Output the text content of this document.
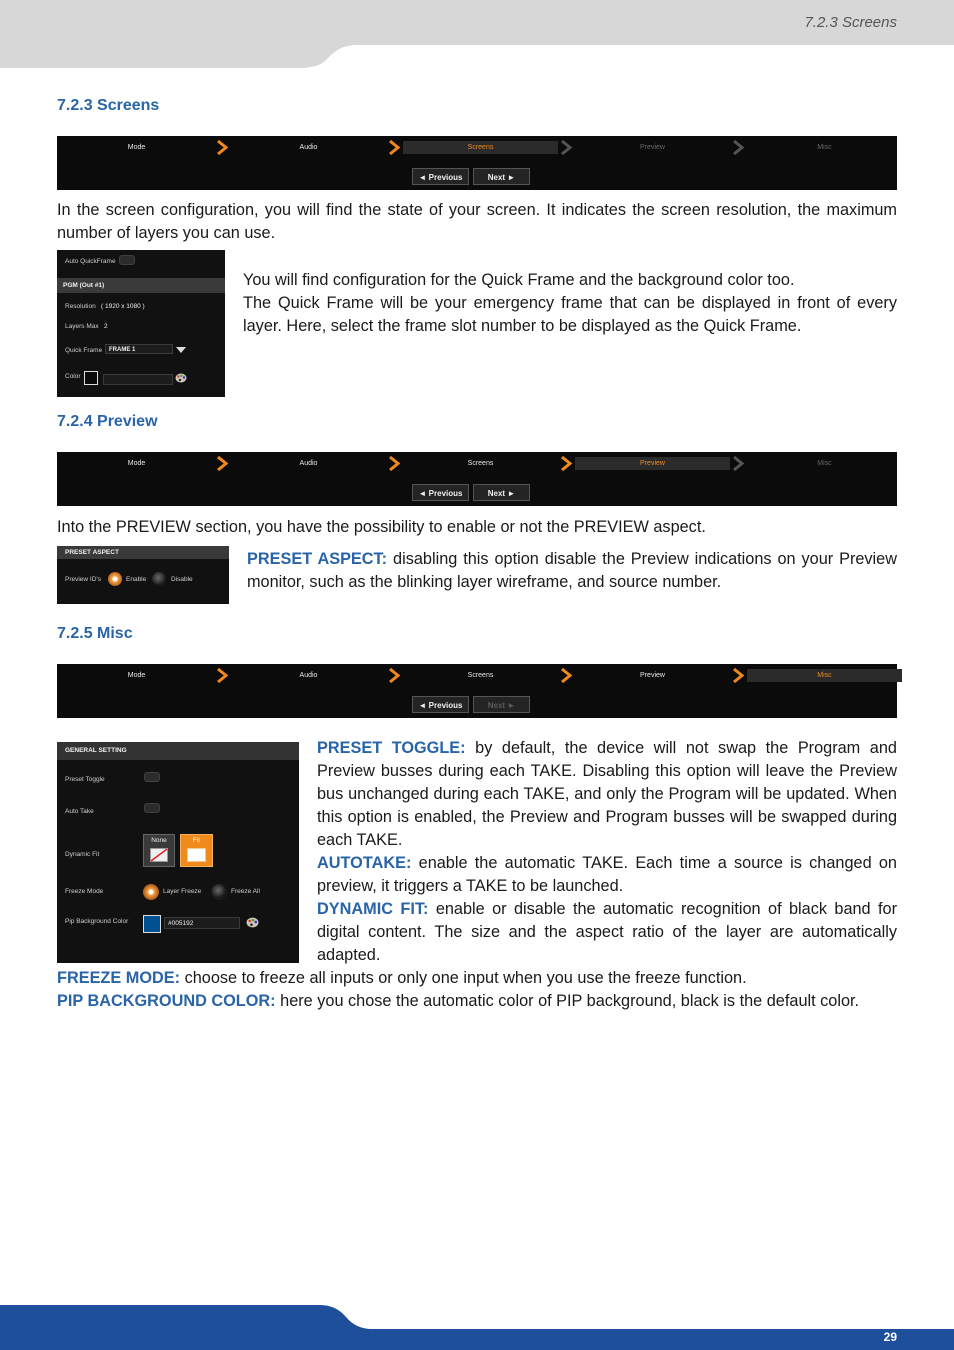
7.2.3 Screens
7.2.3 Screens
Mode	Audio	Screens	Preview	Misc
◄ Previous	Next ►
In the screen configuration, you will find the state of your screen. It indicates the screen resolution, the maximum number of layers you can use.
Auto QuickFrame
PGM (Out #1)
Resolution ( 1920 x 1080 )
Layers Max 2
Quick Frame	FRAME 1
Color

You will find configuration for the Quick Frame and the background color too.

The Quick Frame will be your emergency frame that can be displayed in front of every layer. Here, select the frame slot number to be displayed as the Quick Frame.

7.2.4 Preview
Mode	Audio	Screens	Preview	Misc
◄ Previous	Next ►
Into the PREVIEW section, you have the possibility to enable or not the PREVIEW aspect.
PRESET ASPECT
Preview ID's	Enable	Disable
PRESET ASPECT: disabling this option disable the Preview indications on your Preview monitor, such as the blinking layer wireframe, and source number.
7.2.5 Misc
Mode	Audio	Screens	Preview	Misc
◄ Previous	Next ►
GENERAL SETTING
Preset Toggle
Auto Take
Dynamic Fit
None	Fit
Freeze Mode	Layer Freeze	Freeze All
Pip Background Color	#005192

PRESET TOGGLE: by default, the device will not swap the Program and Preview busses during each TAKE. Disabling this option will leave the Preview bus unchanged during each TAKE, and only the Program will be updated. When this option is enabled, the Preview and Program busses will be swapped during each TAKE.

AUTOTAKE: enable the automatic TAKE. Each time a source is changed on preview, it triggers a TAKE to be launched.

DYNAMIC FIT: enable or disable the automatic recognition of black band for digital content. The size and the aspect ratio of the layer are automatically adapted.

FREEZE MODE: choose to freeze all inputs or only one input when you use the freeze function.

PIP BACKGROUND COLOR: here you chose the automatic color of PIP background, black is the default color.

29
